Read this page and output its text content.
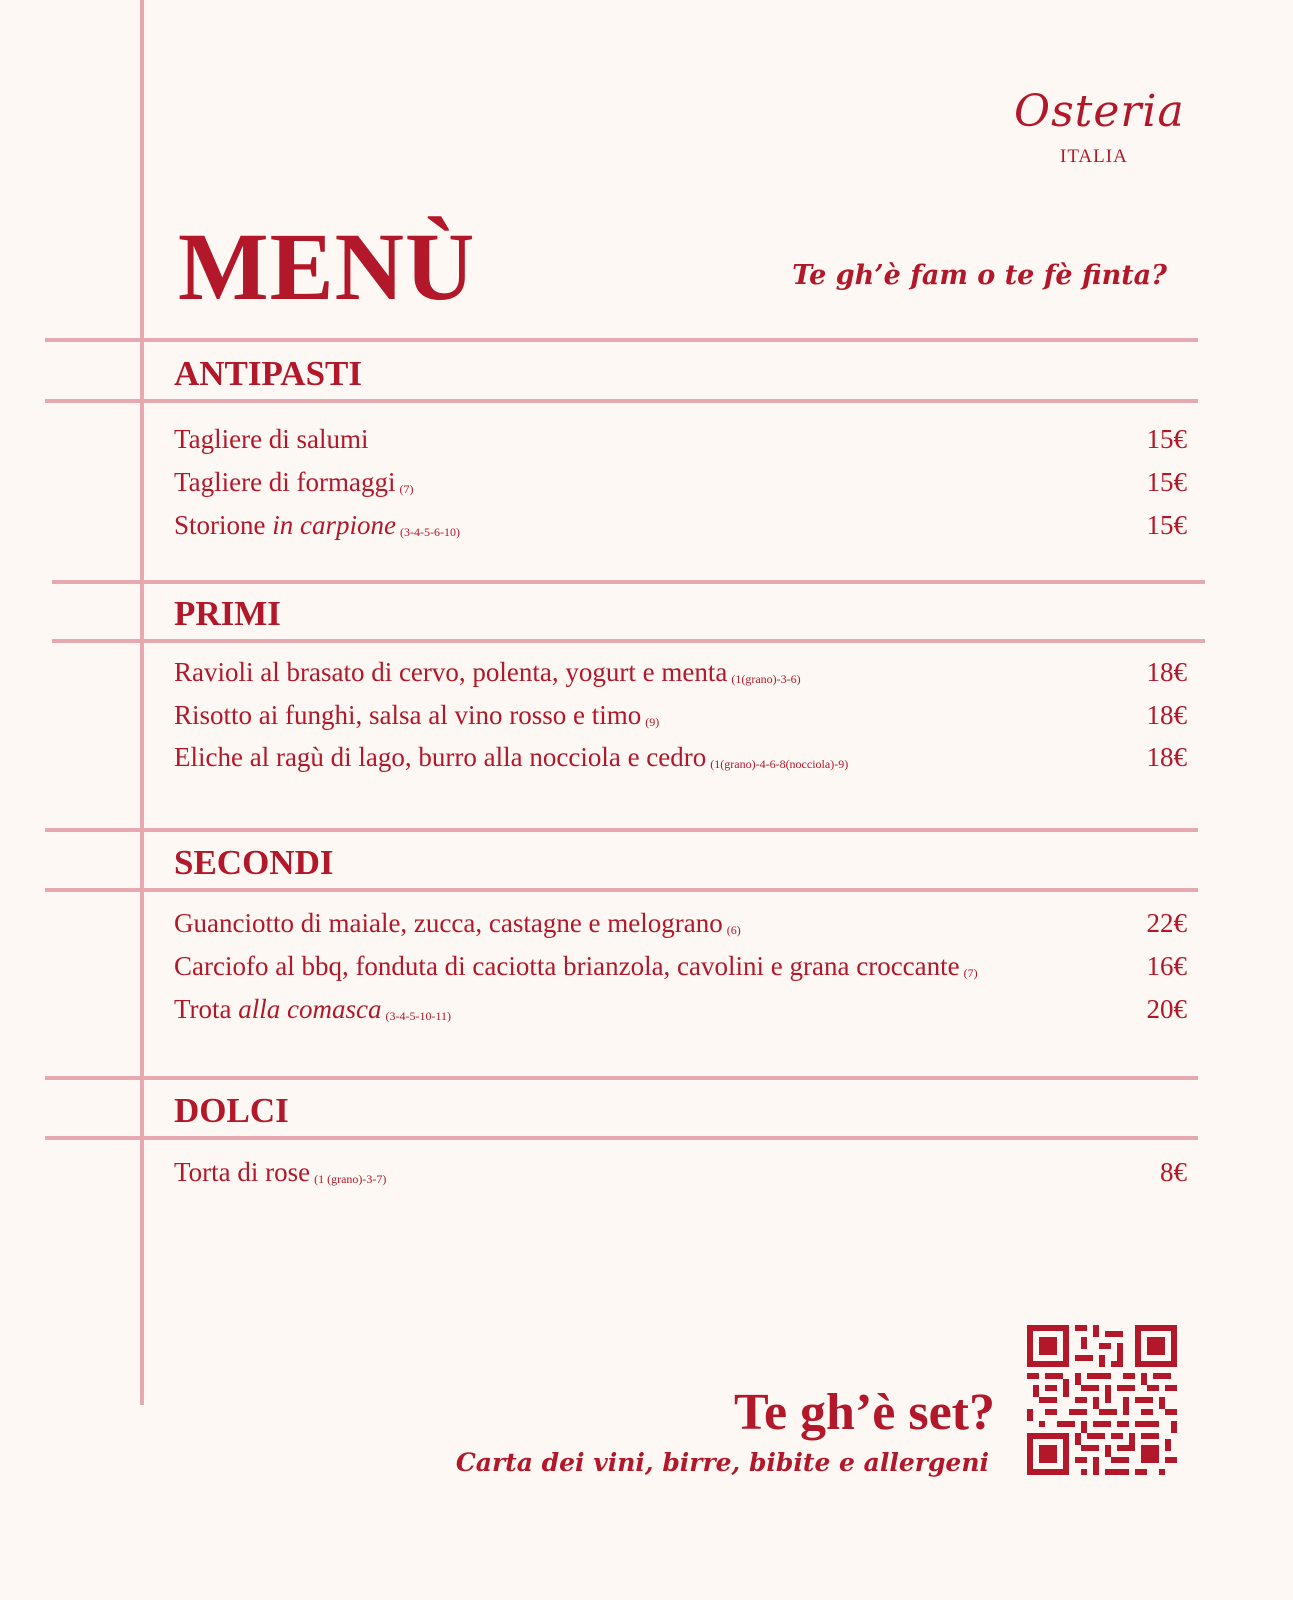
Osteria
ITALIA
MENÙ	Te gh’è fam o te fè finta?
ANTIPASTI
Tagliere di salumi	15€
Tagliere di formaggi (7)	15€
Storione in carpione (3-4-5-6-10)	15€
PRIMI
Ravioli al brasato di cervo, polenta, yogurt e menta (1(grano)-3-6)	18€
Risotto ai funghi, salsa al vino rosso e timo (9)	18€
Eliche al ragù di lago, burro alla nocciola e cedro (1(grano)-4-6-8(nocciola)-9)	18€
SECONDI
Guanciotto di maiale, zucca, castagne e melograno (6)	22€
Carciofo al bbq, fonduta di caciotta brianzola, cavolini e grana croccante (7)	16€
Trota alla comasca (3-4-5-10-11)	20€
DOLCI
Torta di rose (1 (grano)-3-7)	8€
Te gh’è set?
Carta dei vini, birre, bibite e allergeni
